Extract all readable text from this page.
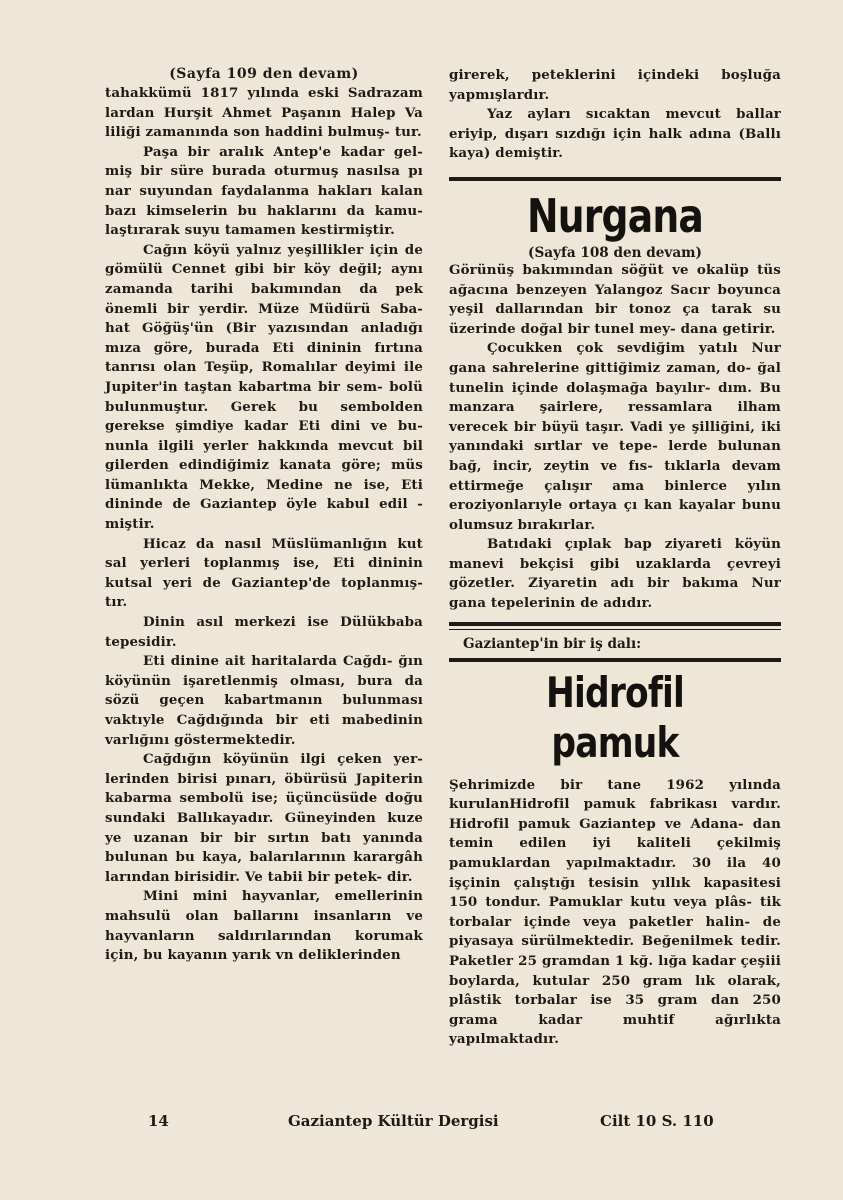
(Sayfa 109 den devam)

tahakkümü 1817 yılında eski Sadrazam lardan Hurşit Ahmet Paşanın Halep Va liliği zamanında son haddini bulmuş- tur.

Paşa bir aralık Antep'e kadar gel- miş bir süre burada oturmuş nasılsa pı nar suyundan faydalanma hakları kalan bazı kimselerin bu haklarını da kamu- laştırarak suyu tamamen kestirmiştir.

Cağın köyü yalnız yeşillikler için de gömülü Cennet gibi bir köy değil; aynı zamanda tarihi bakımından da pek önemli bir yerdir. Müze Müdürü Saba- hat Göğüş'ün (Bir yazısından anladığı mıza göre, burada Eti dininin fırtına tanrısı olan Teşüp, Romalılar deyimi ile Jupiter'in taştan kabartma bir sem- bolü bulunmuştur. Gerek bu sembolden gerekse şimdiye kadar Eti dini ve bu- nunla ilgili yerler hakkında mevcut bil gilerden edindiğimiz kanata göre; müs lümanlıkta Mekke, Medine ne ise, Eti dininde de Gaziantep öyle kabul edil - miştir.

Hicaz da nasıl Müslümanlığın kut sal yerleri toplanmış ise, Eti dininin kutsal yeri de Gaziantep'de toplanmış- tır.

Dinin asıl merkezi ise Dülükbaba tepesidir.

Eti dinine ait haritalarda Cağdı- ğın köyünün işaretlenmiş olması, bura da sözü geçen kabartmanın bulunması vaktıyle Cağdığında bir eti mabedinin varlığını göstermektedir.

Cağdığın köyünün ilgi çeken yer- lerinden birisi pınarı, öbürüsü Japiterin kabarma sembolü ise; üçüncüsüde doğu sundaki Ballıkayadır. Güneyinden kuze ye uzanan bir bir sırtın batı yanında bulunan bu kaya, balarılarının karargâh larından birisidir. Ve tabii bir petek- dir.

Mini mini hayvanlar, emellerinin mahsulü olan ballarını insanların ve hayvanların saldırılarından korumak için, bu kayanın yarık vn deliklerinden

girerek, peteklerini içindeki boşluğa yapmışlardır.

Yaz ayları sıcaktan mevcut ballar eriyip, dışarı sızdığı için halk adına (Ballı kaya) demiştir.

Nurgana
(Sayfa 108 den devam)

Görünüş bakımından söğüt ve okalüp tüs ağacına benzeyen Yalangoz Sacır boyunca yeşil dallarından bir tonoz ça tarak su üzerinde doğal bir tunel mey- dana getirir.

Çocukken çok sevdiğim yatılı Nur gana sahrelerine gittiğimiz zaman, do- ğal tunelin içinde dolaşmağa bayılır- dım. Bu manzara şairlere, ressamlara ilham verecek bir büyü taşır. Vadi ye şilliğini, iki yanındaki sırtlar ve tepe- lerde bulunan bağ, incir, zeytin ve fıs- tıklarla devam ettirmeğe çalışır ama binlerce yılın eroziyonlarıyle ortaya çı kan kayalar bunu olumsuz bırakırlar.

Batıdaki çıplak bap ziyareti köyün manevi bekçisi gibi uzaklarda çevreyi gözetler. Ziyaretin adı bir bakıma Nur gana tepelerinin de adıdır.

Gaziantep'in bir iş dalı:
Hidrofil pamuk

Şehrimizde bir tane 1962 yılında kurulanHidrofil pamuk fabrikası vardır. Hidrofil pamuk Gaziantep ve Adana- dan temin edilen iyi kaliteli çekilmiş pamuklardan yapılmaktadır. 30 ila 40 işçinin çalıştığı tesisin yıllık kapasitesi 150 tondur. Pamuklar kutu veya plâs- tik torbalar içinde veya paketler halin- de piyasaya sürülmektedir. Beğenilmek tedir. Paketler 25 gramdan 1 kğ. lığa kadar çeşiii boylarda, kutular 250 gram lık olarak, plâstik torbalar ise 35 gram dan 250 grama kadar muhtif ağırlıkta yapılmaktadır.

14	Gaziantep Kültür Dergisi	Cilt 10 S. 110
